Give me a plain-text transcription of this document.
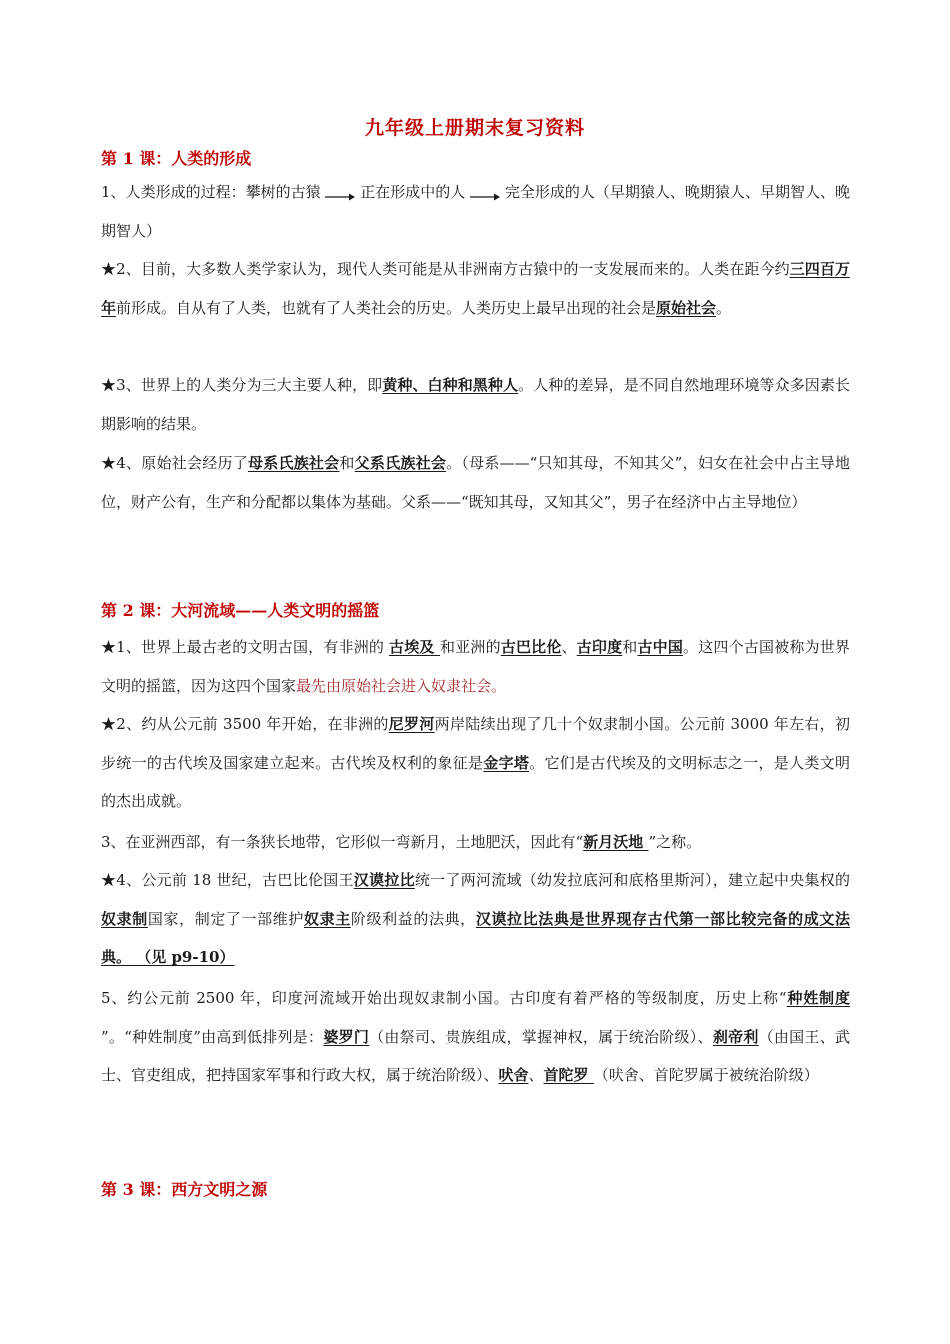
九年级上册期末复习资料
第 1 课：人类的形成
1、人类形成的过程：攀树的古猿  正在形成中的人  完全形成的人（早期猿人、晚期猿人、早期智人、晚期智人）
★2、目前，大多数人类学家认为，现代人类可能是从非洲南方古猿中的一支发展而来的。人类在距今约三四百万年前形成。自从有了人类，也就有了人类社会的历史。人类历史上最早出现的社会是原始社会。
★3、世界上的人类分为三大主要人种，即黄种、白种和黑种人。人种的差异，是不同自然地理环境等众多因素长期影响的结果。
★4、原始社会经历了母系氏族社会和父系氏族社会。（母系——“只知其母，不知其父”，妇女在社会中占主导地位，财产公有，生产和分配都以集体为基础。父系——“既知其母，又知其父”，男子在经济中占主导地位）
第 2 课：大河流域——人类文明的摇篮
★1、世界上最古老的文明古国，有非洲的 古埃及 和亚洲的古巴比伦、古印度和古中国。这四个古国被称为世界文明的摇篮，因为这四个国家最先由原始社会进入奴隶社会。
★2、约从公元前 3500 年开始，在非洲的尼罗河两岸陆续出现了几十个奴隶制小国。公元前 3000 年左右，初步统一的古代埃及国家建立起来。古代埃及权利的象征是金字塔。它们是古代埃及的文明标志之一，是人类文明的杰出成就。
3、在亚洲西部，有一条狭长地带，它形似一弯新月，土地肥沃，因此有“新月沃地 ”之称。
★4、公元前 18 世纪，古巴比伦国王汉谟拉比统一了两河流域（幼发拉底河和底格里斯河），建立起中央集权的奴隶制国家，制定了一部维护奴隶主阶级利益的法典，汉谟拉比法典是世界现存古代第一部比较完备的成文法典。 （见 p9-10）
5、约公元前 2500 年，印度河流域开始出现奴隶制小国。古印度有着严格的等级制度，历史上称“种姓制度 ”。“种姓制度”由高到低排列是：婆罗门（由祭司、贵族组成，掌握神权，属于统治阶级）、刹帝利（由国王、武士、官吏组成，把持国家军事和行政大权，属于统治阶级）、吠舍、首陀罗 （吠舍、首陀罗属于被统治阶级）
第 3 课：西方文明之源
